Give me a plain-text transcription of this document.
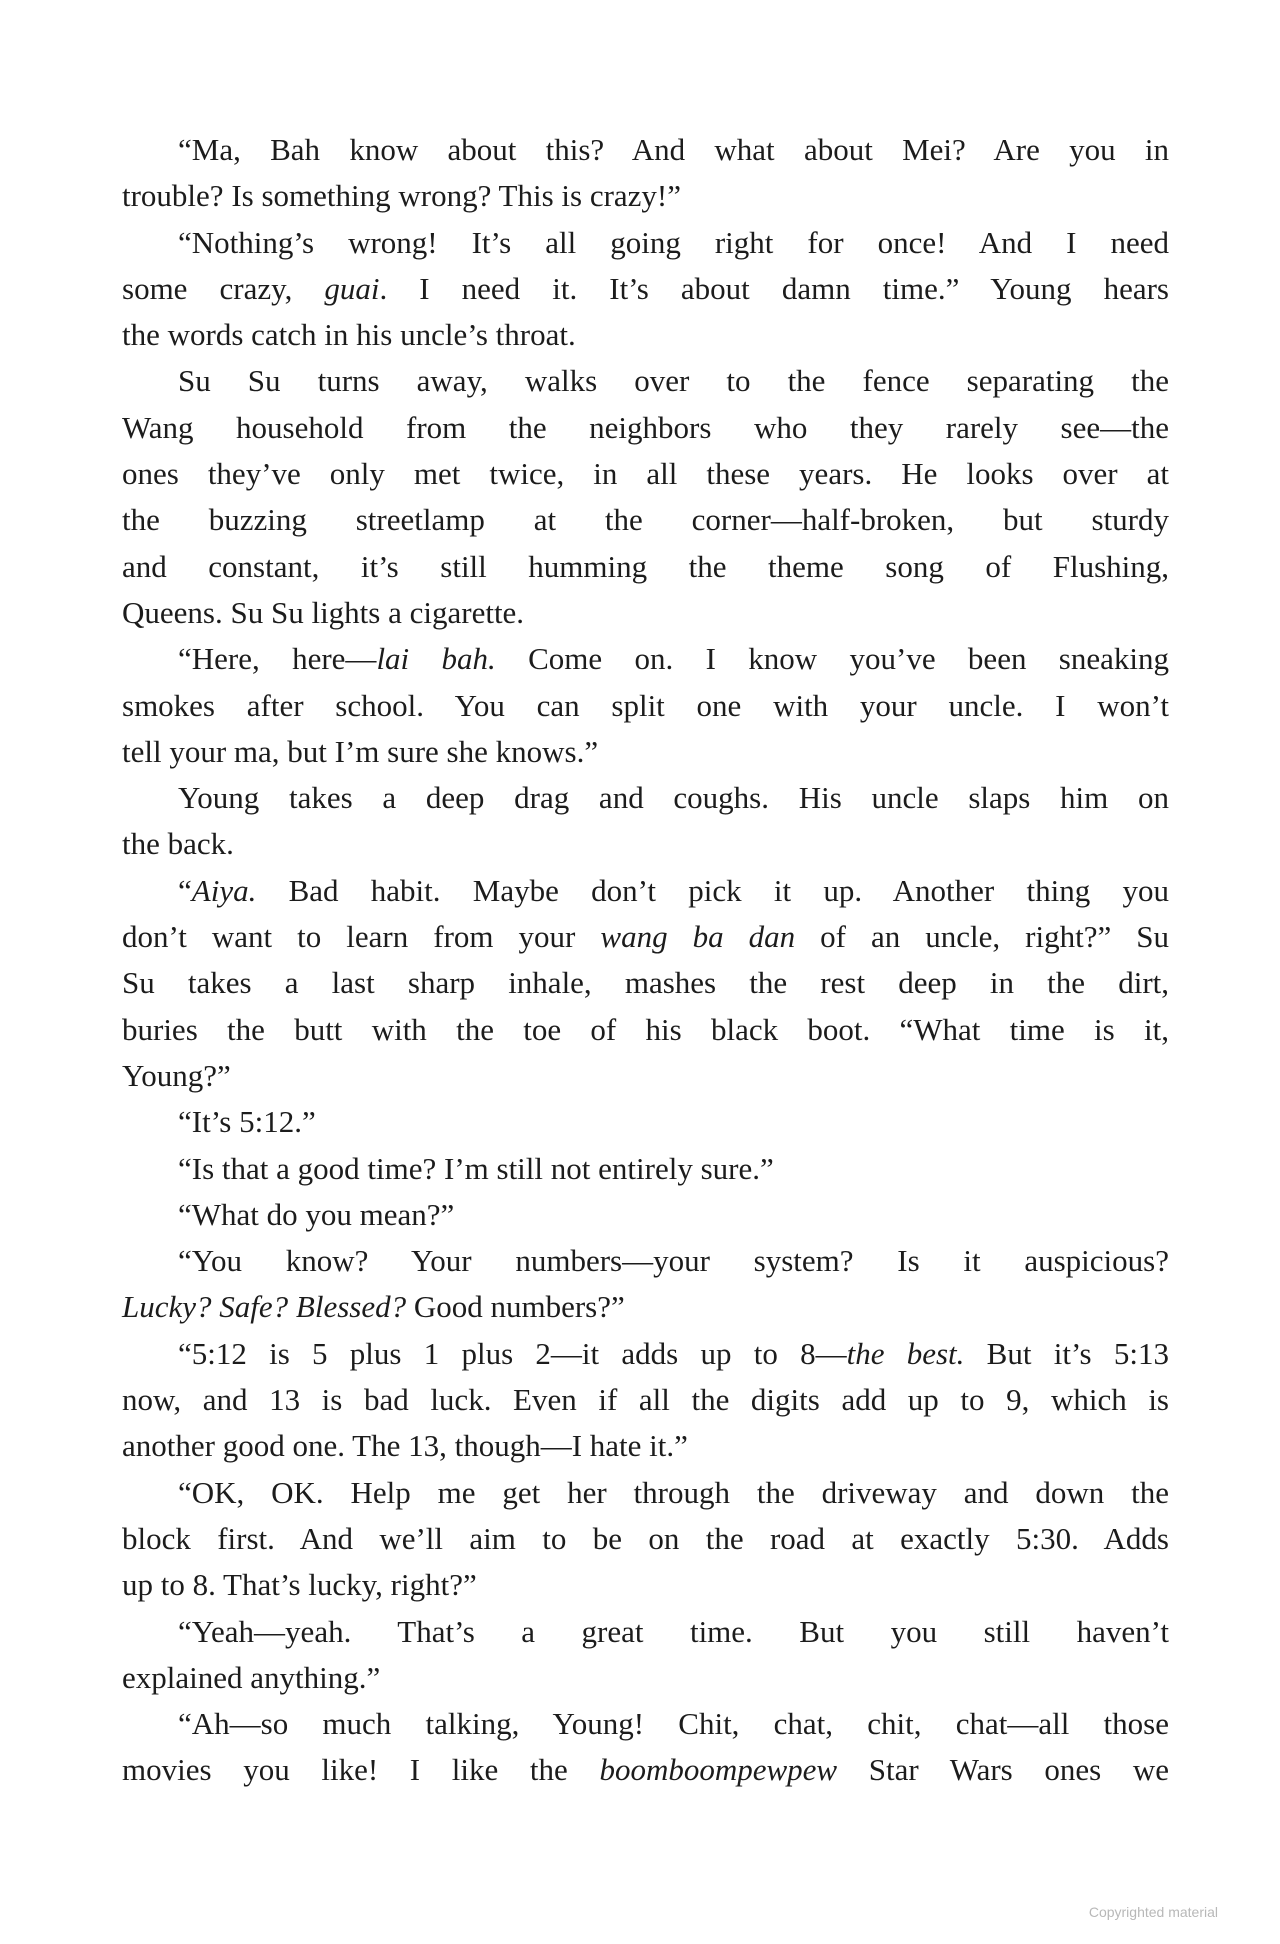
“Ma, Bah know about this? And what about Mei? Are you in
trouble? Is something wrong? This is crazy!”
“Nothing’s wrong! It’s all going right for once! And I need
some crazy, guai. I need it. It’s about damn time.” Young hears
the words catch in his uncle’s throat.
Su Su turns away, walks over to the fence separating the
Wang household from the neighbors who they rarely see—the
ones they’ve only met twice, in all these years. He looks over at
the buzzing streetlamp at the corner—half-broken, but sturdy
and constant, it’s still humming the theme song of Flushing,
Queens. Su Su lights a cigarette.
“Here, here—lai bah. Come on. I know you’ve been sneaking
smokes after school. You can split one with your uncle. I won’t
tell your ma, but I’m sure she knows.”
Young takes a deep drag and coughs. His uncle slaps him on
the back.
“Aiya. Bad habit. Maybe don’t pick it up. Another thing you
don’t want to learn from your wang ba dan of an uncle, right?” Su
Su takes a last sharp inhale, mashes the rest deep in the dirt,
buries the butt with the toe of his black boot. “What time is it,
Young?”
“It’s 5:12.”
“Is that a good time? I’m still not entirely sure.”
“What do you mean?”
“You know? Your numbers—your system? Is it auspicious?
Lucky? Safe? Blessed? Good numbers?”
“5:12 is 5 plus 1 plus 2—it adds up to 8—the best. But it’s 5:13
now, and 13 is bad luck. Even if all the digits add up to 9, which is
another good one. The 13, though—I hate it.”
“OK, OK. Help me get her through the driveway and down the
block first. And we’ll aim to be on the road at exactly 5:30. Adds
up to 8. That’s lucky, right?”
“Yeah—yeah. That’s a great time. But you still haven’t
explained anything.”
“Ah—so much talking, Young! Chit, chat, chit, chat—all those
movies you like! I like the boomboompewpew Star Wars ones we
Copyrighted material
